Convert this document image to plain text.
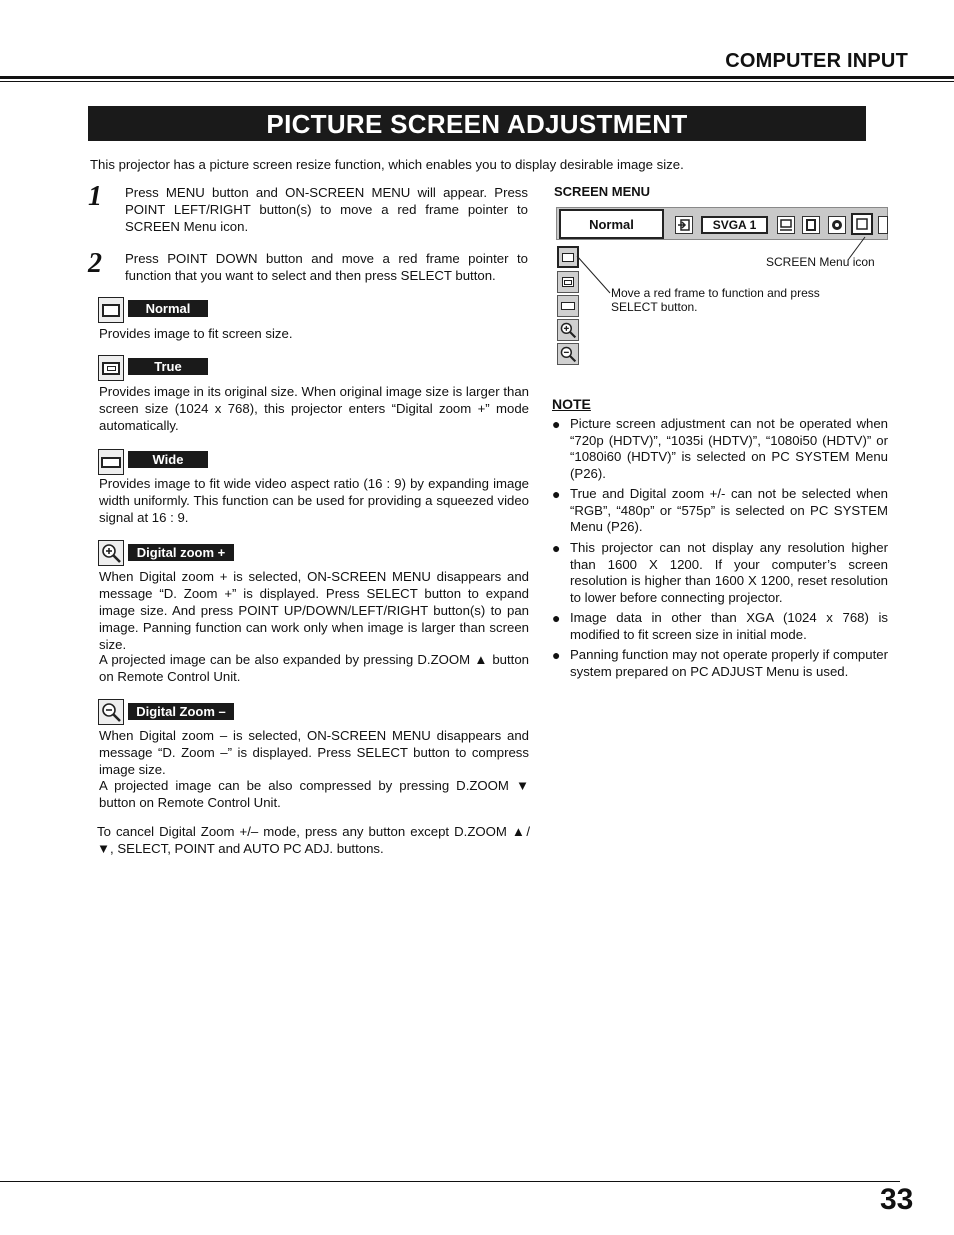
COMPUTER INPUT
PICTURE SCREEN ADJUSTMENT
This projector has a picture screen resize function, which enables you to display desirable image size.
1 Press MENU button and ON-SCREEN MENU will appear. Press POINT LEFT/RIGHT button(s) to move a red frame pointer to SCREEN Menu icon.
2 Press POINT DOWN button and move a red frame pointer to function that you want to select and then press SELECT button.
Normal
Provides image to fit screen size.
True
Provides image in its original size. When original image size is larger than screen size (1024 x 768), this projector enters “Digital zoom +” mode automatically.
Wide
Provides image to fit wide video aspect ratio (16 : 9) by expanding image width uniformly. This function can be used for providing a squeezed video signal at 16 : 9.
Digital zoom +
When Digital zoom + is selected, ON-SCREEN MENU disappears and message “D. Zoom +” is displayed. Press SELECT button to expand image size. And press POINT UP/DOWN/LEFT/RIGHT button(s) to pan image. Panning function can work only when image is larger than screen size.
A projected image can be also expanded by pressing D.ZOOM ▲ button on Remote Control Unit.
Digital Zoom –
When Digital zoom – is selected, ON-SCREEN MENU disappears and message “D. Zoom –” is displayed. Press SELECT button to compress image size.
A projected image can be also compressed by pressing D.ZOOM ▼ button on Remote Control Unit.
To cancel Digital Zoom +/– mode, press any button except D.ZOOM ▲/▼, SELECT, POINT and AUTO PC ADJ. buttons.
SCREEN MENU
Normal	SVGA 1
SCREEN Menu icon
Move a red frame to function and press SELECT button.
NOTE
● Picture screen adjustment can not be operated when “720p (HDTV)”, “1035i (HDTV)”, “1080i50 (HDTV)” or “1080i60 (HDTV)” is selected on PC SYSTEM Menu (P26).
● True and Digital zoom +/- can not be selected when “RGB”, “480p” or “575p” is selected on PC SYSTEM Menu (P26).
● This projector can not display any resolution higher than 1600 X 1200. If your computer’s screen resolution is higher than 1600 X 1200, reset resolution to lower before connecting projector.
● Image data in other than XGA (1024 x 768) is modified to fit screen size in initial mode.
● Panning function may not operate properly if computer system prepared on PC ADJUST Menu is used.
33
